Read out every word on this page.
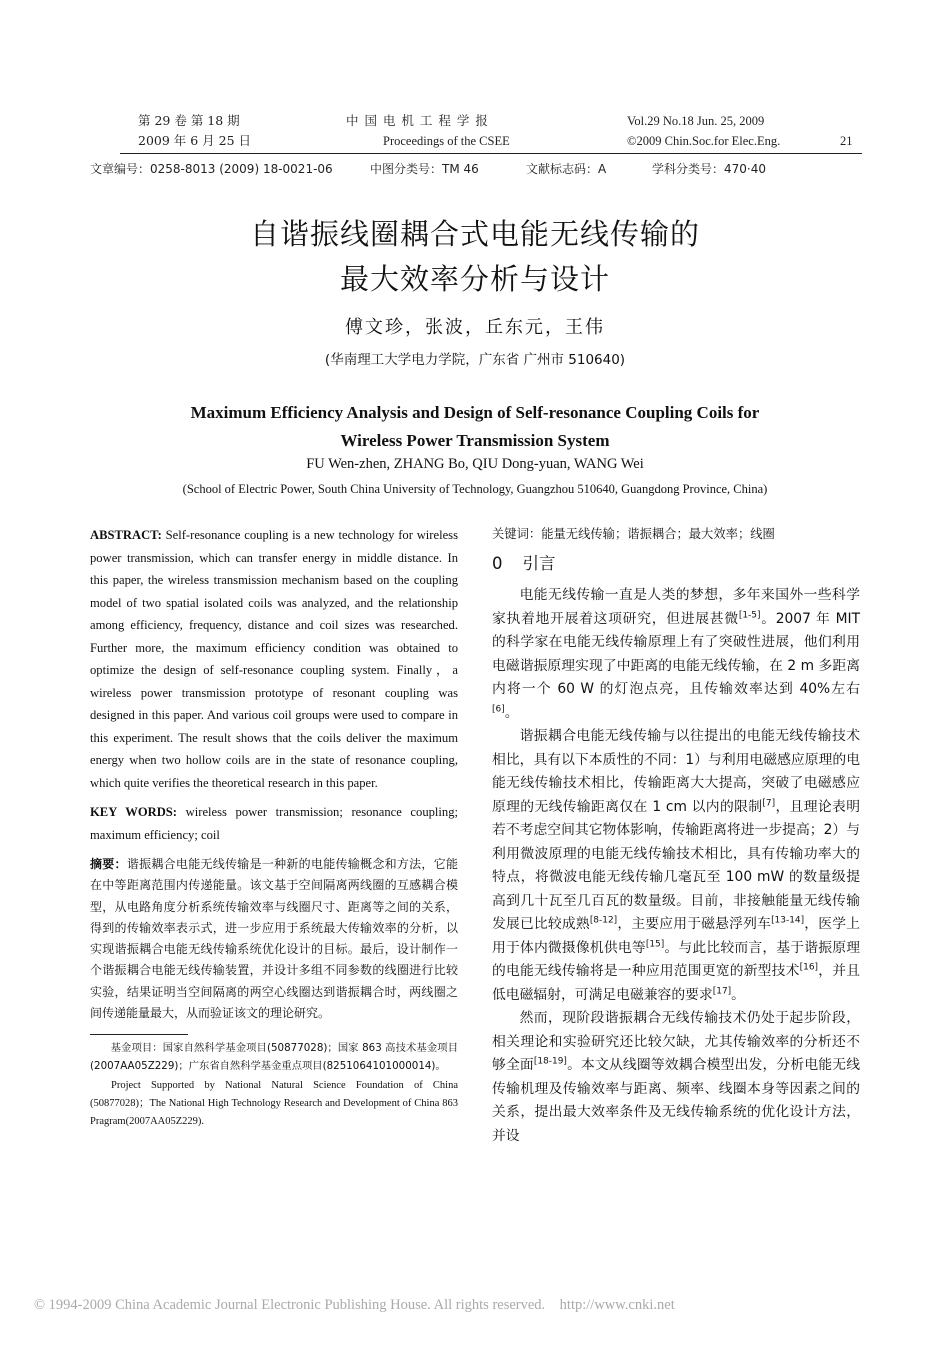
第 29 卷 第 18 期
2009 年 6 月 25 日
中 国 电 机 工 程 学 报
Proceedings of the CSEE
Vol.29 No.18 Jun. 25, 2009
©2009 Chin.Soc.for Elec.Eng.	21
文章编号：0258-8013 (2009) 18-0021-06	中图分类号：TM 46	文献标志码：A	学科分类号：470·40
自谐振线圈耦合式电能无线传输的
最大效率分析与设计
傅文珍，张波，丘东元，王伟
(华南理工大学电力学院，广东省 广州市 510640)
Maximum Efficiency Analysis and Design of Self-resonance Coupling Coils for
Wireless Power Transmission System
FU Wen-zhen, ZHANG Bo, QIU Dong-yuan, WANG Wei
(School of Electric Power, South China University of Technology, Guangzhou 510640, Guangdong Province, China)

ABSTRACT: Self-resonance coupling is a new technology for wireless power transmission, which can transfer energy in middle distance. In this paper, the wireless transmission mechanism based on the coupling model of two spatial isolated coils was analyzed, and the relationship among efficiency, frequency, distance and coil sizes was researched. Further more, the maximum efficiency condition was obtained to optimize the design of self-resonance coupling system. Finally，a wireless power transmission prototype of resonant coupling was designed in this paper. And various coil groups were used to compare in this experiment. The result shows that the coils deliver the maximum energy when two hollow coils are in the state of resonance coupling, which quite verifies the theoretical research in this paper.

KEY WORDS: wireless power transmission; resonance coupling; maximum efficiency; coil

摘要：谐振耦合电能无线传输是一种新的电能传输概念和方法，它能在中等距离范围内传递能量。该文基于空间隔离两线圈的互感耦合模型，从电路角度分析系统传输效率与线圈尺寸、距离等之间的关系，得到的传输效率表示式，进一步应用于系统最大传输效率的分析，以实现谐振耦合电能无线传输系统优化设计的目标。最后，设计制作一个谐振耦合电能无线传输装置，并设计多组不同参数的线圈进行比较实验，结果证明当空间隔离的两空心线圈达到谐振耦合时，两线圈之间传递能量最大，从而验证该文的理论研究。

基金项目：国家自然科学基金项目(50877028)；国家 863 高技术基金项目(2007AA05Z229)；广东省自然科学基金重点项目(8251064101000014)。

Project Supported by National Natural Science Foundation of China (50877028)；The National High Technology Research and Development of China 863 Pragram(2007AA05Z229).

关键词：能量无线传输；谐振耦合；最大效率；线圈

0 引言

电能无线传输一直是人类的梦想，多年来国外一些科学家执着地开展着这项研究，但进展甚微[1-5]。2007 年 MIT 的科学家在电能无线传输原理上有了突破性进展，他们利用电磁谐振原理实现了中距离的电能无线传输，在 2 m 多距离内将一个 60 W 的灯泡点亮，且传输效率达到 40%左右[6]。

谐振耦合电能无线传输与以往提出的电能无线传输技术相比，具有以下本质性的不同：1）与利用电磁感应原理的电能无线传输技术相比，传输距离大大提高，突破了电磁感应原理的无线传输距离仅在 1 cm 以内的限制[7]，且理论表明若不考虑空间其它物体影响，传输距离将进一步提高；2）与利用微波原理的电能无线传输技术相比，具有传输功率大的特点，将微波电能无线传输几毫瓦至 100 mW 的数量级提高到几十瓦至几百瓦的数量级。目前，非接触能量无线传输发展已比较成熟[8-12]，主要应用于磁悬浮列车[13-14]，医学上用于体内微摄像机供电等[15]。与此比较而言，基于谐振原理的电能无线传输将是一种应用范围更宽的新型技术[16]，并且低电磁辐射，可满足电磁兼容的要求[17]。

然而，现阶段谐振耦合无线传输技术仍处于起步阶段，相关理论和实验研究还比较欠缺，尤其传输效率的分析还不够全面[18-19]。本文从线圈等效耦合模型出发，分析电能无线传输机理及传输效率与距离、频率、线圈本身等因素之间的关系，提出最大效率条件及无线传输系统的优化设计方法，并设

© 1994-2009 China Academic Journal Electronic Publishing House. All rights reserved.    http://www.cnki.net
